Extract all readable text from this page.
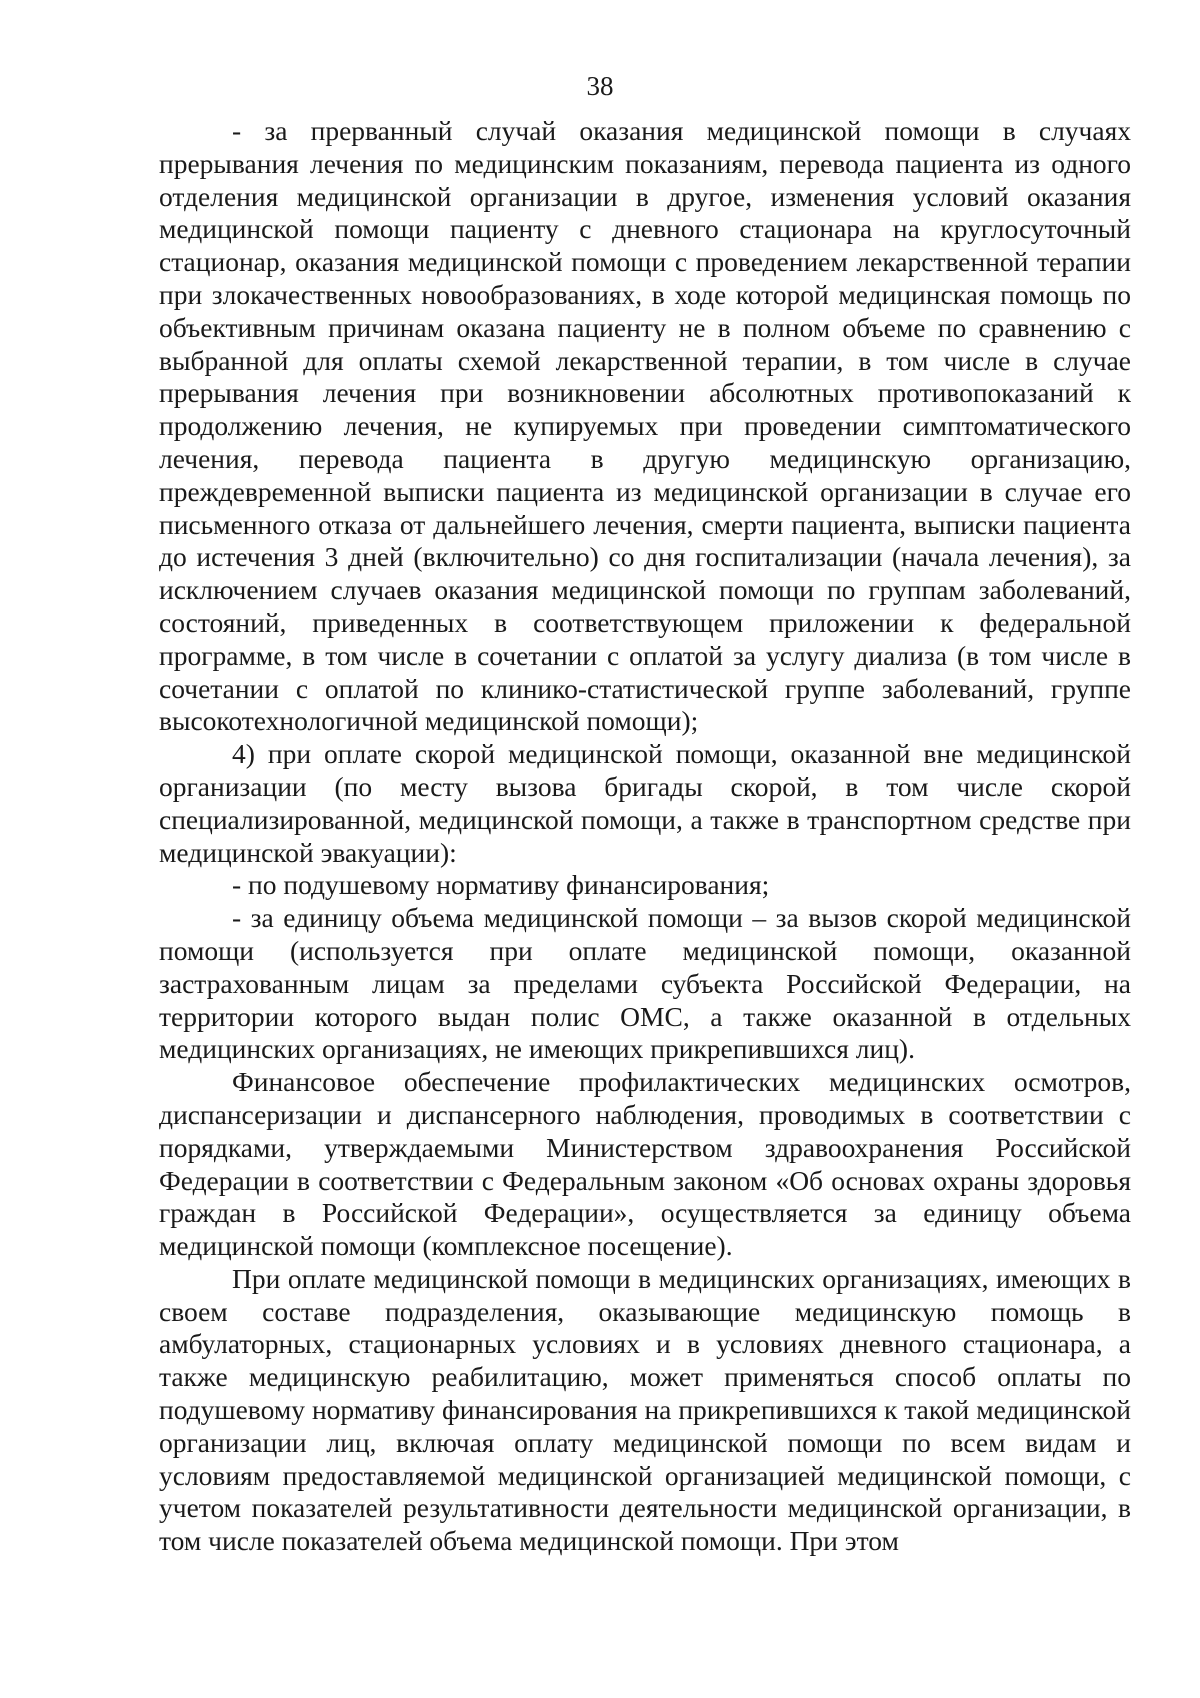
38

- за прерванный случай оказания медицинской помощи в случаях прерывания лечения по медицинским показаниям, перевода пациента из одного отделения медицинской организации в другое, изменения условий оказания медицинской помощи пациенту с дневного стационара на круглосуточный стационар, оказания медицинской помощи с проведением лекарственной терапии при злокачественных новообразованиях, в ходе которой медицинская помощь по объективным причинам оказана пациенту не в полном объеме по сравнению с выбранной для оплаты схемой лекарственной терапии, в том числе в случае прерывания лечения при возникновении абсолютных противопоказаний к продолжению лечения, не купируемых при проведении симптоматического лечения, перевода пациента в другую медицинскую организацию, преждевременной выписки пациента из медицинской организации в случае его письменного отказа от дальнейшего лечения, смерти пациента, выписки пациента до истечения 3 дней (включительно) со дня госпитализации (начала лечения), за исключением случаев оказания медицинской помощи по группам заболеваний, состояний, приведенных в соответствующем приложении к федеральной программе, в том числе в сочетании с оплатой за услугу диализа (в том числе в сочетании с оплатой по клинико-статистической группе заболеваний, группе высокотехнологичной медицинской помощи);

4) при оплате скорой медицинской помощи, оказанной вне медицинской организации (по месту вызова бригады скорой, в том числе скорой специализированной, медицинской помощи, а также в транспортном средстве при медицинской эвакуации):

- по подушевому нормативу финансирования;

- за единицу объема медицинской помощи – за вызов скорой медицинской помощи (используется при оплате медицинской помощи, оказанной застрахованным лицам за пределами субъекта Российской Федерации, на территории которого выдан полис ОМС, а также оказанной в отдельных медицинских организациях, не имеющих прикрепившихся лиц).

Финансовое обеспечение профилактических медицинских осмотров, диспансеризации и диспансерного наблюдения, проводимых в соответствии с порядками, утверждаемыми Министерством здравоохранения Российской Федерации в соответствии с Федеральным законом «Об основах охраны здоровья граждан в Российской Федерации», осуществляется за единицу объема медицинской помощи (комплексное посещение).

При оплате медицинской помощи в медицинских организациях, имеющих в своем составе подразделения, оказывающие медицинскую помощь в амбулаторных, стационарных условиях и в условиях дневного стационара, а также медицинскую реабилитацию, может применяться способ оплаты по подушевому нормативу финансирования на прикрепившихся к такой медицинской организации лиц, включая оплату медицинской помощи по всем видам и условиям предоставляемой медицинской организацией медицинской помощи, с учетом показателей результативности деятельности медицинской организации, в том числе показателей объема медицинской помощи. При этом
